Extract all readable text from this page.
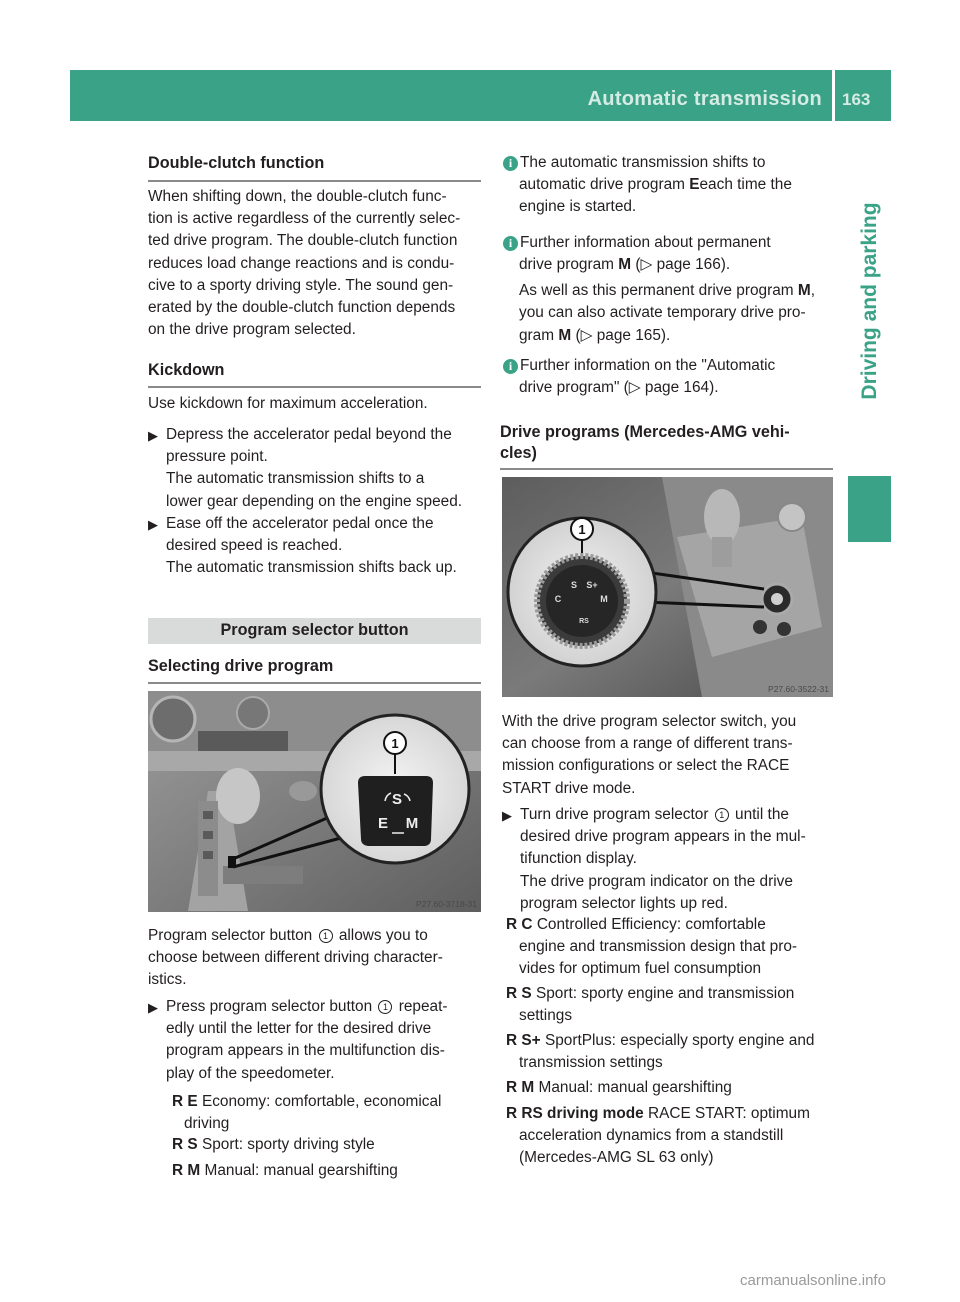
Automatic transmission 163
Driving and parking
Double-clutch function
When shifting down, the double-clutch func-
tion is active regardless of the currently selec-
ted drive program. The double-clutch function
reduces load change reactions and is condu-
cive to a sporty driving style. The sound gen-
erated by the double-clutch function depends
on the drive program selected.
Kickdown
Use kickdown for maximum acceleration.
▶ Depress the accelerator pedal beyond the
pressure point.
The automatic transmission shifts to a
lower gear depending on the engine speed.
▶ Ease off the accelerator pedal once the
desired speed is reached.
The automatic transmission shifts back up.
Program selector button
Selecting drive program
1
S
E M
P27.60-3718-31
Program selector button 1 allows you to
choose between different driving character-
istics.
▶ Press program selector button 1 repeat-
edly until the letter for the desired drive
program appears in the multifunction dis-
play of the speedometer.
R E Economy: comfortable, economical
driving
R S Sport: sporty driving style
R M Manual: manual gearshifting
i The automatic transmission shifts to
automatic drive program Eeach time the
engine is started.
i Further information about permanent
drive program M (▷ page 166).
As well as this permanent drive program M,
you can also activate temporary drive pro-
gram M (▷ page 165).
i Further information on the "Automatic
drive program" (▷ page 164).
Drive programs (Mercedes-AMG vehi-
cles)
1
S S+
C	M
RS
P27.60-3522-31
With the drive program selector switch, you
can choose from a range of different trans-
mission configurations or select the RACE
START drive mode.
▶ Turn drive program selector 1 until the
desired drive program appears in the mul-
tifunction display.
The drive program indicator on the drive
program selector lights up red.
R C Controlled Efficiency: comfortable
engine and transmission design that pro-
vides for optimum fuel consumption
R S Sport: sporty engine and transmission
settings
R S+ SportPlus: especially sporty engine and
transmission settings
R M Manual: manual gearshifting
R RS driving mode RACE START: optimum
acceleration dynamics from a standstill
(Mercedes-AMG SL 63 only)
carmanualsonline.info
